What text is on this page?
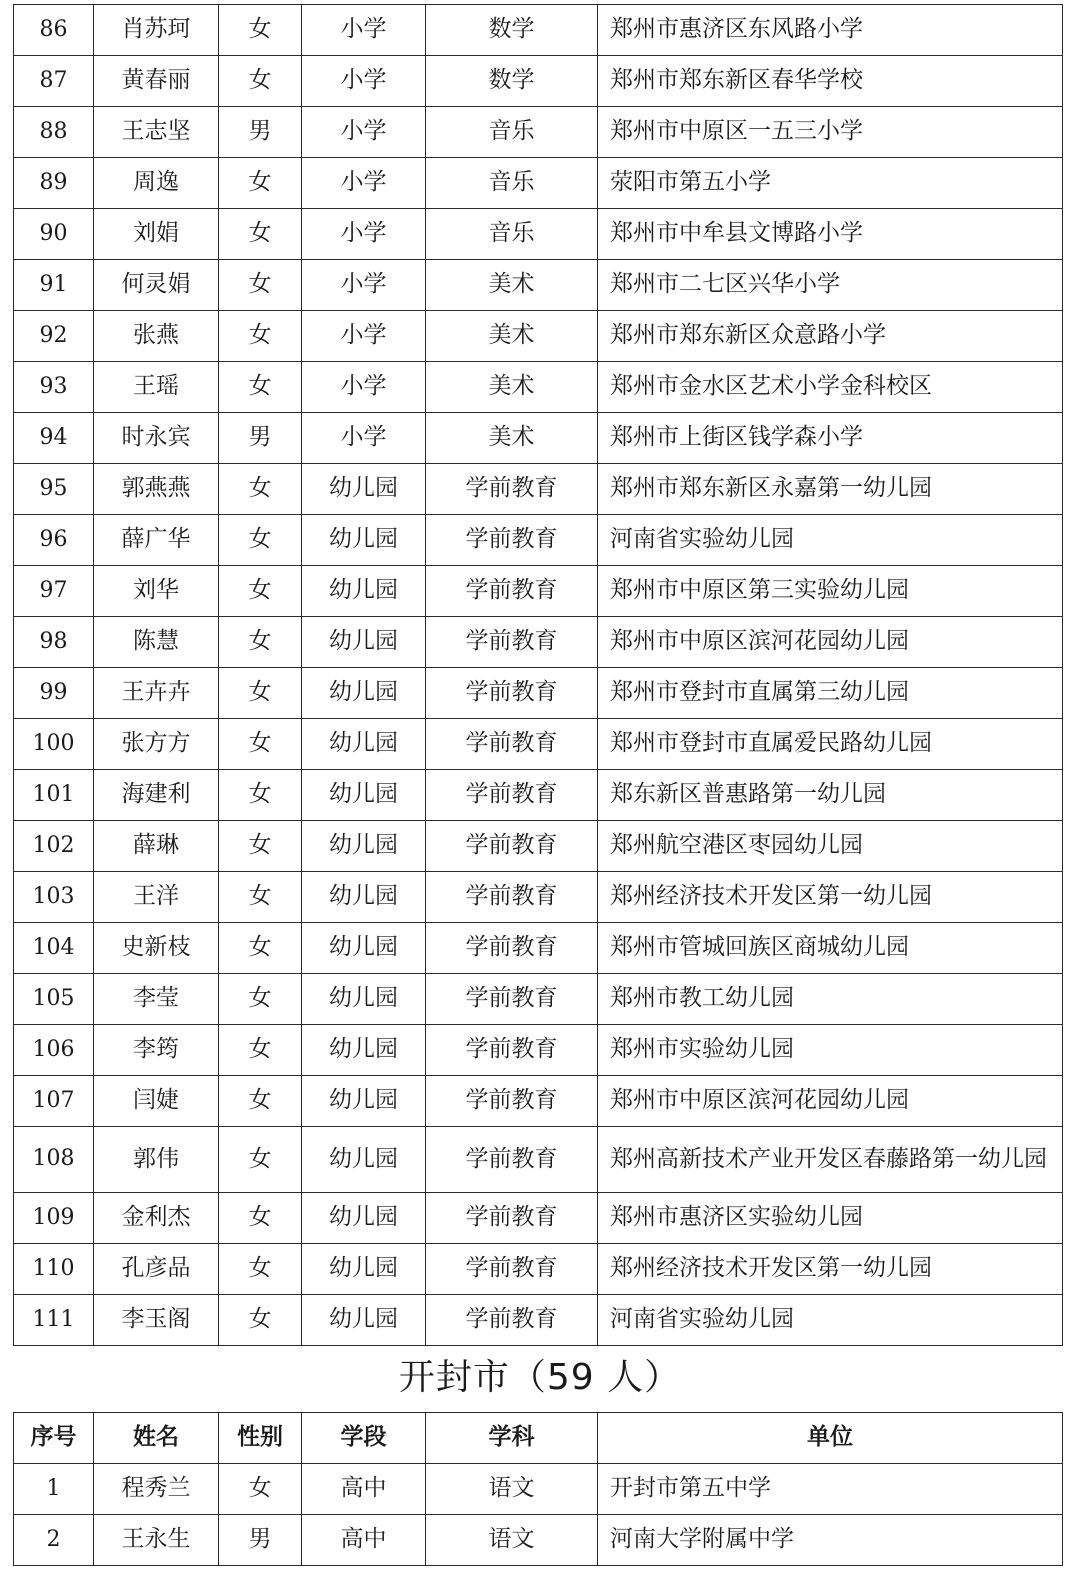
86	肖苏珂	女	小学	数学	郑州市惠济区东风路小学
87	黄春丽	女	小学	数学	郑州市郑东新区春华学校
88	王志坚	男	小学	音乐	郑州市中原区一五三小学
89	周逸	女	小学	音乐	荥阳市第五小学
90	刘娟	女	小学	音乐	郑州市中牟县文博路小学
91	何灵娟	女	小学	美术	郑州市二七区兴华小学
92	张燕	女	小学	美术	郑州市郑东新区众意路小学
93	王瑶	女	小学	美术	郑州市金水区艺术小学金科校区
94	时永宾	男	小学	美术	郑州市上街区钱学森小学
95	郭燕燕	女	幼儿园	学前教育	郑州市郑东新区永嘉第一幼儿园
96	薛广华	女	幼儿园	学前教育	河南省实验幼儿园
97	刘华	女	幼儿园	学前教育	郑州市中原区第三实验幼儿园
98	陈慧	女	幼儿园	学前教育	郑州市中原区滨河花园幼儿园
99	王卉卉	女	幼儿园	学前教育	郑州市登封市直属第三幼儿园
100	张方方	女	幼儿园	学前教育	郑州市登封市直属爱民路幼儿园
101	海建利	女	幼儿园	学前教育	郑东新区普惠路第一幼儿园
102	薛琳	女	幼儿园	学前教育	郑州航空港区枣园幼儿园
103	王洋	女	幼儿园	学前教育	郑州经济技术开发区第一幼儿园
104	史新枝	女	幼儿园	学前教育	郑州市管城回族区商城幼儿园
105	李莹	女	幼儿园	学前教育	郑州市教工幼儿园
106	李筠	女	幼儿园	学前教育	郑州市实验幼儿园
107	闫婕	女	幼儿园	学前教育	郑州市中原区滨河花园幼儿园
108	郭伟	女	幼儿园	学前教育	郑州高新技术产业开发区春藤路第一幼儿园
109	金利杰	女	幼儿园	学前教育	郑州市惠济区实验幼儿园
110	孔彦品	女	幼儿园	学前教育	郑州经济技术开发区第一幼儿园
111	李玉阁	女	幼儿园	学前教育	河南省实验幼儿园
开封市（59 人）
序号	姓名	性别	学段	学科	单位
1	程秀兰	女	高中	语文	开封市第五中学
2	王永生	男	高中	语文	河南大学附属中学
